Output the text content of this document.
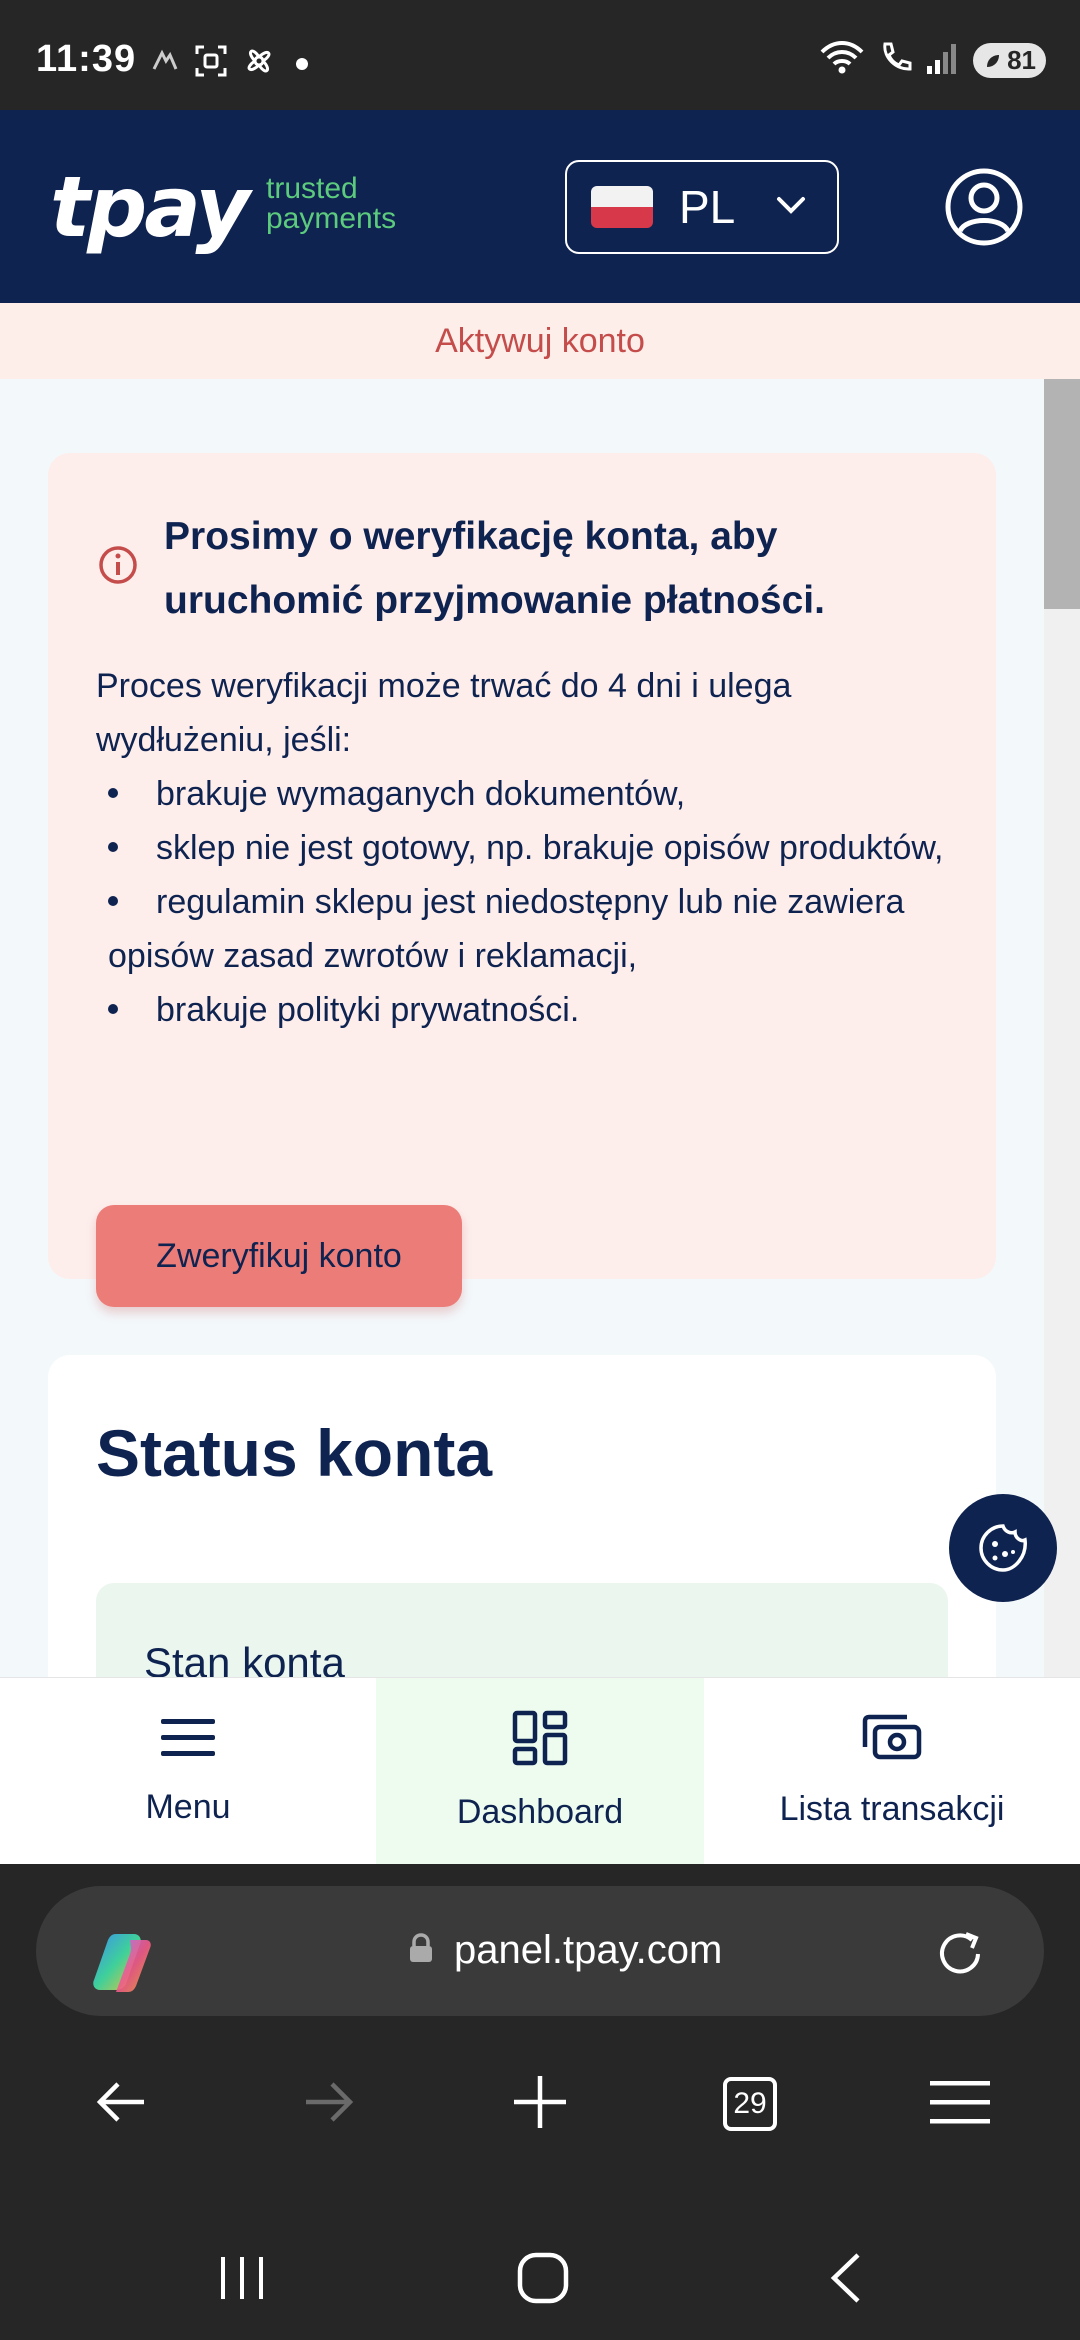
11:39	81
tpay trusted
payments	PL
Aktywuj konto
Prosimy o weryfikację konta, aby uruchomić przyjmowanie płatności.
Proces weryfikacji może trwać do 4 dni i ulega wydłużeniu, jeśli:
brakuje wymaganych dokumentów,
sklep nie jest gotowy, np. brakuje opisów produktów,
regulamin sklepu jest niedostępny lub nie zawiera opisów zasad zwrotów i reklamacji,
brakuje polityki prywatności.
Zweryfikuj konto
Status konta
Stan konta
Menu	Dashboard	Lista transakcji
panel.tpay.com
29
